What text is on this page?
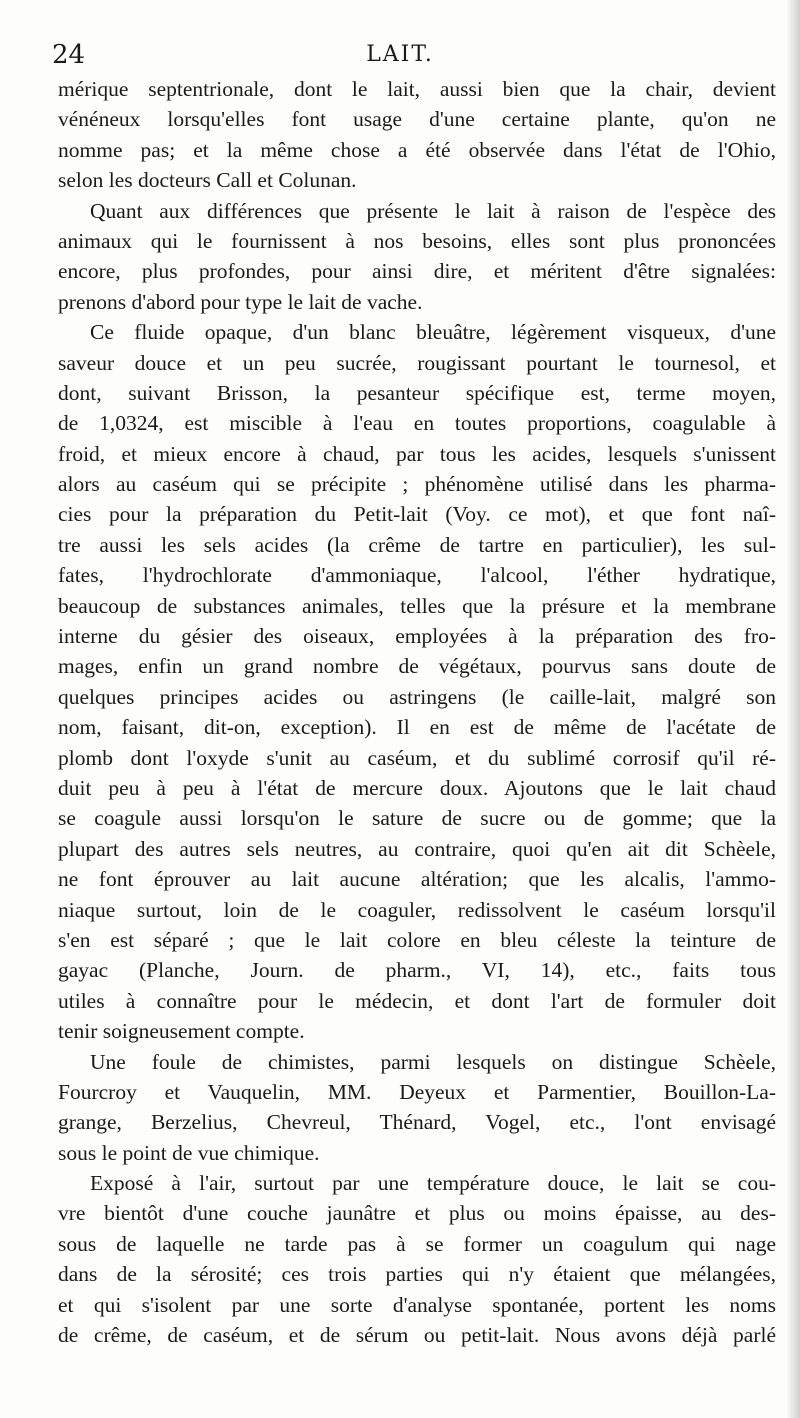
24	LAIT.
mérique septentrionale, dont le lait, aussi bien que la chair, devient
vénéneux lorsqu'elles font usage d'une certaine plante, qu'on ne
nomme pas; et la même chose a été observée dans l'état de l'Ohio,
selon les docteurs Call et Colunan.
Quant aux différences que présente le lait à raison de l'espèce des
animaux qui le fournissent à nos besoins, elles sont plus prononcées
encore, plus profondes, pour ainsi dire, et méritent d'être signalées:
prenons d'abord pour type le lait de vache.
Ce fluide opaque, d'un blanc bleuâtre, légèrement visqueux, d'une
saveur douce et un peu sucrée, rougissant pourtant le tournesol, et
dont, suivant Brisson, la pesanteur spécifique est, terme moyen,
de 1,0324, est miscible à l'eau en toutes proportions, coagulable à
froid, et mieux encore à chaud, par tous les acides, lesquels s'unissent
alors au caséum qui se précipite ; phénomène utilisé dans les pharma-
cies pour la préparation du Petit-lait (Voy. ce mot), et que font naî-
tre aussi les sels acides (la crême de tartre en particulier), les sul-
fates, l'hydrochlorate d'ammoniaque, l'alcool, l'éther hydratique,
beaucoup de substances animales, telles que la présure et la membrane
interne du gésier des oiseaux, employées à la préparation des fro-
mages, enfin un grand nombre de végétaux, pourvus sans doute de
quelques principes acides ou astringens (le caille-lait, malgré son
nom, faisant, dit-on, exception). Il en est de même de l'acétate de
plomb dont l'oxyde s'unit au caséum, et du sublimé corrosif qu'il ré-
duit peu à peu à l'état de mercure doux. Ajoutons que le lait chaud
se coagule aussi lorsqu'on le sature de sucre ou de gomme; que la
plupart des autres sels neutres, au contraire, quoi qu'en ait dit Schèele,
ne font éprouver au lait aucune altération; que les alcalis, l'ammo-
niaque surtout, loin de le coaguler, redissolvent le caséum lorsqu'il
s'en est séparé ; que le lait colore en bleu céleste la teinture de
gayac (Planche, Journ. de pharm., VI, 14), etc., faits tous
utiles à connaître pour le médecin, et dont l'art de formuler doit
tenir soigneusement compte.
Une foule de chimistes, parmi lesquels on distingue Schèele,
Fourcroy et Vauquelin, MM. Deyeux et Parmentier, Bouillon-La-
grange, Berzelius, Chevreul, Thénard, Vogel, etc., l'ont envisagé
sous le point de vue chimique.
Exposé à l'air, surtout par une température douce, le lait se cou-
vre bientôt d'une couche jaunâtre et plus ou moins épaisse, au des-
sous de laquelle ne tarde pas à se former un coagulum qui nage
dans de la sérosité; ces trois parties qui n'y étaient que mélangées,
et qui s'isolent par une sorte d'analyse spontanée, portent les noms
de crême, de caséum, et de sérum ou petit-lait. Nous avons déjà parlé
